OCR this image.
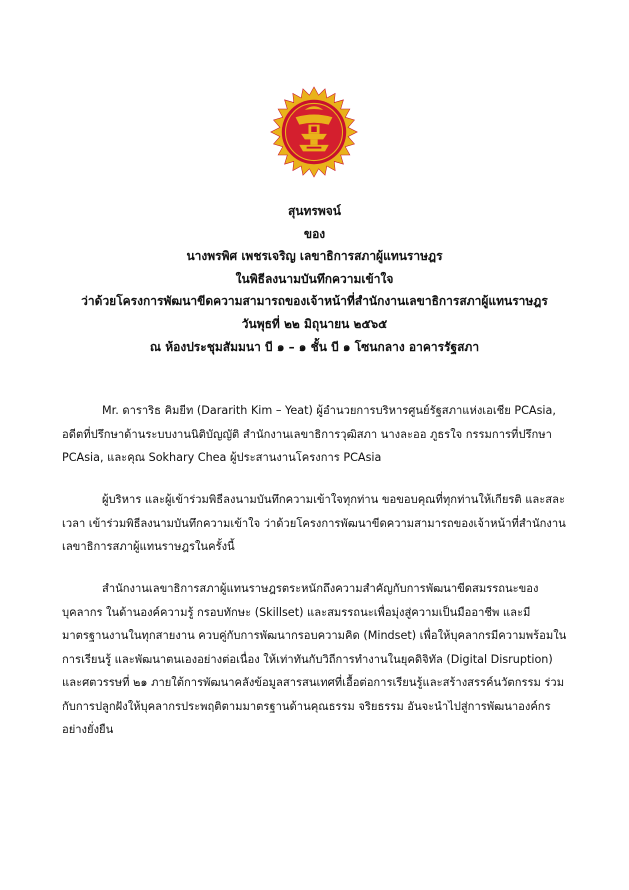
สุนทรพจน์
ของ
นางพรพิศ เพชรเจริญ เลขาธิการสภาผู้แทนราษฎร
ในพิธีลงนามบันทึกความเข้าใจ
ว่าด้วยโครงการพัฒนาขีดความสามารถของเจ้าหน้าที่สำนักงานเลขาธิการสภาผู้แทนราษฎร
วันพุธที่ ๒๒ มิถุนายน ๒๕๖๕
ณ ห้องประชุมสัมมนา บี ๑ – ๑ ชั้น บี ๑ โซนกลาง อาคารรัฐสภา

Mr. ดาราริธ คิมยีท (Dararith Kim – Yeat) ผู้อำนวยการบริหารศูนย์รัฐสภาแห่งเอเชีย PCAsia, อดีตที่ปรึกษาด้านระบบงานนิติบัญญัติ สำนักงานเลขาธิการวุฒิสภา นางละออ ภูธรใจ กรรมการที่ปรึกษา PCAsia, และคุณ Sokhary Chea ผู้ประสานงานโครงการ PCAsia

ผู้บริหาร และผู้เข้าร่วมพิธีลงนามบันทึกความเข้าใจทุกท่าน ขอขอบคุณที่ทุกท่านให้เกียรติ และสละเวลา เข้าร่วมพิธีลงนามบันทึกความเข้าใจ ว่าด้วยโครงการพัฒนาขีดความสามารถของเจ้าหน้าที่สำนักงานเลขาธิการสภาผู้แทนราษฎรในครั้งนี้

สำนักงานเลขาธิการสภาผู้แทนราษฎรตระหนักถึงความสำคัญกับการพัฒนาขีดสมรรถนะของบุคลากร ในด้านองค์ความรู้ กรอบทักษะ (Skillset) และสมรรถนะเพื่อมุ่งสู่ความเป็นมืออาชีพ และมีมาตรฐานงานในทุกสายงาน ควบคู่กับการพัฒนากรอบความคิด (Mindset) เพื่อให้บุคลากรมีความพร้อมในการเรียนรู้ และพัฒนาตนเองอย่างต่อเนื่อง ให้เท่าทันกับวิถีการทำงานในยุคดิจิทัล (Digital Disruption) และศตวรรษที่ ๒๑ ภายใต้การพัฒนาคลังข้อมูลสารสนเทศที่เอื้อต่อการเรียนรู้และสร้างสรรค์นวัตกรรม ร่วมกับการปลูกฝังให้บุคลากรประพฤติตามมาตรฐานด้านคุณธรรม จริยธรรม อันจะนำไปสู่การพัฒนาองค์กรอย่างยั่งยืน
